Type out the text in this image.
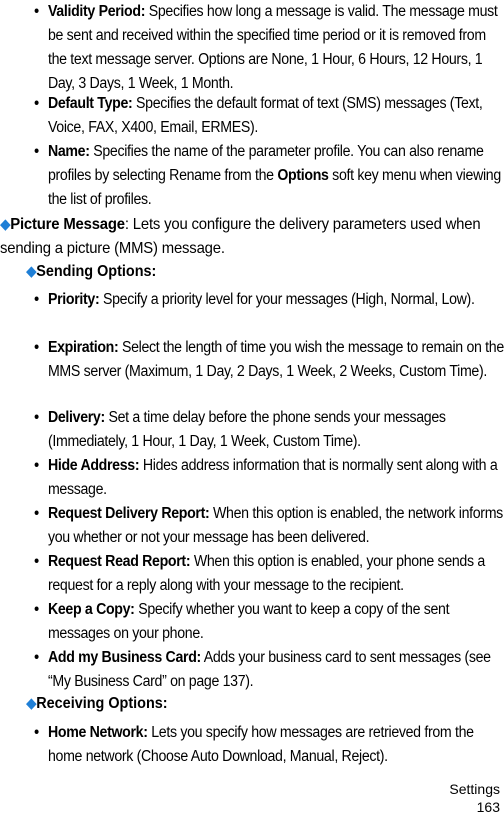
• Validity Period: Specifies how long a message is valid. The message must be sent and received within the specified time period or it is removed from the text message server. Options are None, 1 Hour, 6 Hours, 12 Hours, 1 Day, 3 Days, 1 Week, 1 Month.
• Default Type: Specifies the default format of text (SMS) messages (Text, Voice, FAX, X400, Email, ERMES).
• Name: Specifies the name of the parameter profile. You can also rename profiles by selecting Rename from the Options soft key menu when viewing the list of profiles.
◆Picture Message: Lets you configure the delivery parameters used when sending a picture (MMS) message.
◆Sending Options:
• Priority: Specify a priority level for your messages (High, Normal, Low).
• Expiration: Select the length of time you wish the message to remain on the MMS server (Maximum, 1 Day, 2 Days, 1 Week, 2 Weeks, Custom Time).
• Delivery: Set a time delay before the phone sends your messages (Immediately, 1 Hour, 1 Day, 1 Week, Custom Time).
• Hide Address: Hides address information that is normally sent along with a message.
• Request Delivery Report: When this option is enabled, the network informs you whether or not your message has been delivered.
• Request Read Report: When this option is enabled, your phone sends a request for a reply along with your message to the recipient.
• Keep a Copy: Specify whether you want to keep a copy of the sent messages on your phone.
• Add my Business Card: Adds your business card to sent messages (see “My Business Card” on page 137).
◆Receiving Options:
• Home Network: Lets you specify how messages are retrieved from the home network (Choose Auto Download, Manual, Reject).
Settings
163
